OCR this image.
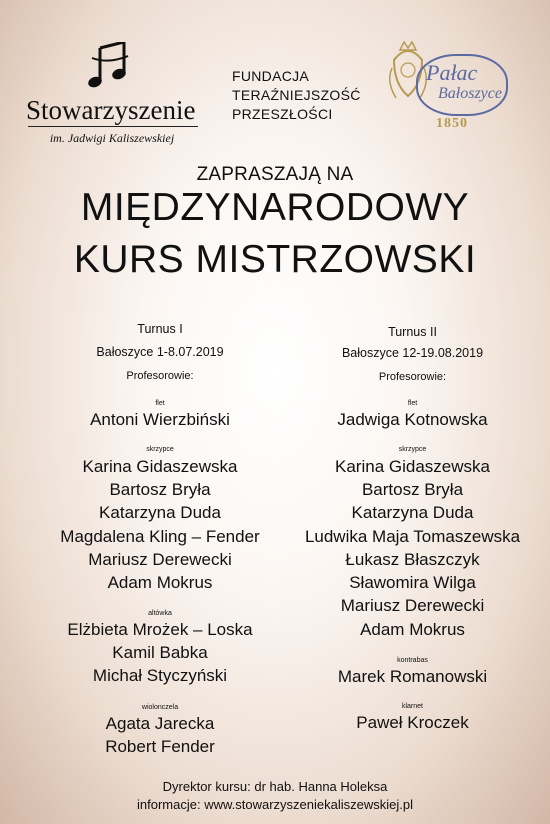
Stowarzyszenie
im. Jadwigi Kaliszewskiej
FUNDACJA
TERAŹNIEJSZOŚĆ
PRZESZŁOŚCI
Pałac
Bałoszyce
1850
ZAPRASZAJĄ NA
MIĘDZYNARODOWY
KURS MISTRZOWSKI
Turnus I
Bałoszyce 1-8.07.2019
Profesorowie:
flet
Antoni Wierzbiński
skrzypce
Karina Gidaszewska
Bartosz Bryła
Katarzyna Duda
Magdalena Kling – Fender
Mariusz Derewecki
Adam Mokrus
altówka
Elżbieta Mrożek – Loska
Kamil Babka
Michał Styczyński
wiolonczela
Agata Jarecka
Robert Fender
Turnus II
Bałoszyce 12-19.08.2019
Profesorowie:
flet
Jadwiga Kotnowska
skrzypce
Karina Gidaszewska
Bartosz Bryła
Katarzyna Duda
Ludwika Maja Tomaszewska
Łukasz Błaszczyk
Sławomira Wilga
Mariusz Derewecki
Adam Mokrus
kontrabas
Marek Romanowski
klarnet
Paweł Kroczek
Dyrektor kursu: dr hab. Hanna Holeksa
informacje: www.stowarzyszeniekaliszewskiej.pl
